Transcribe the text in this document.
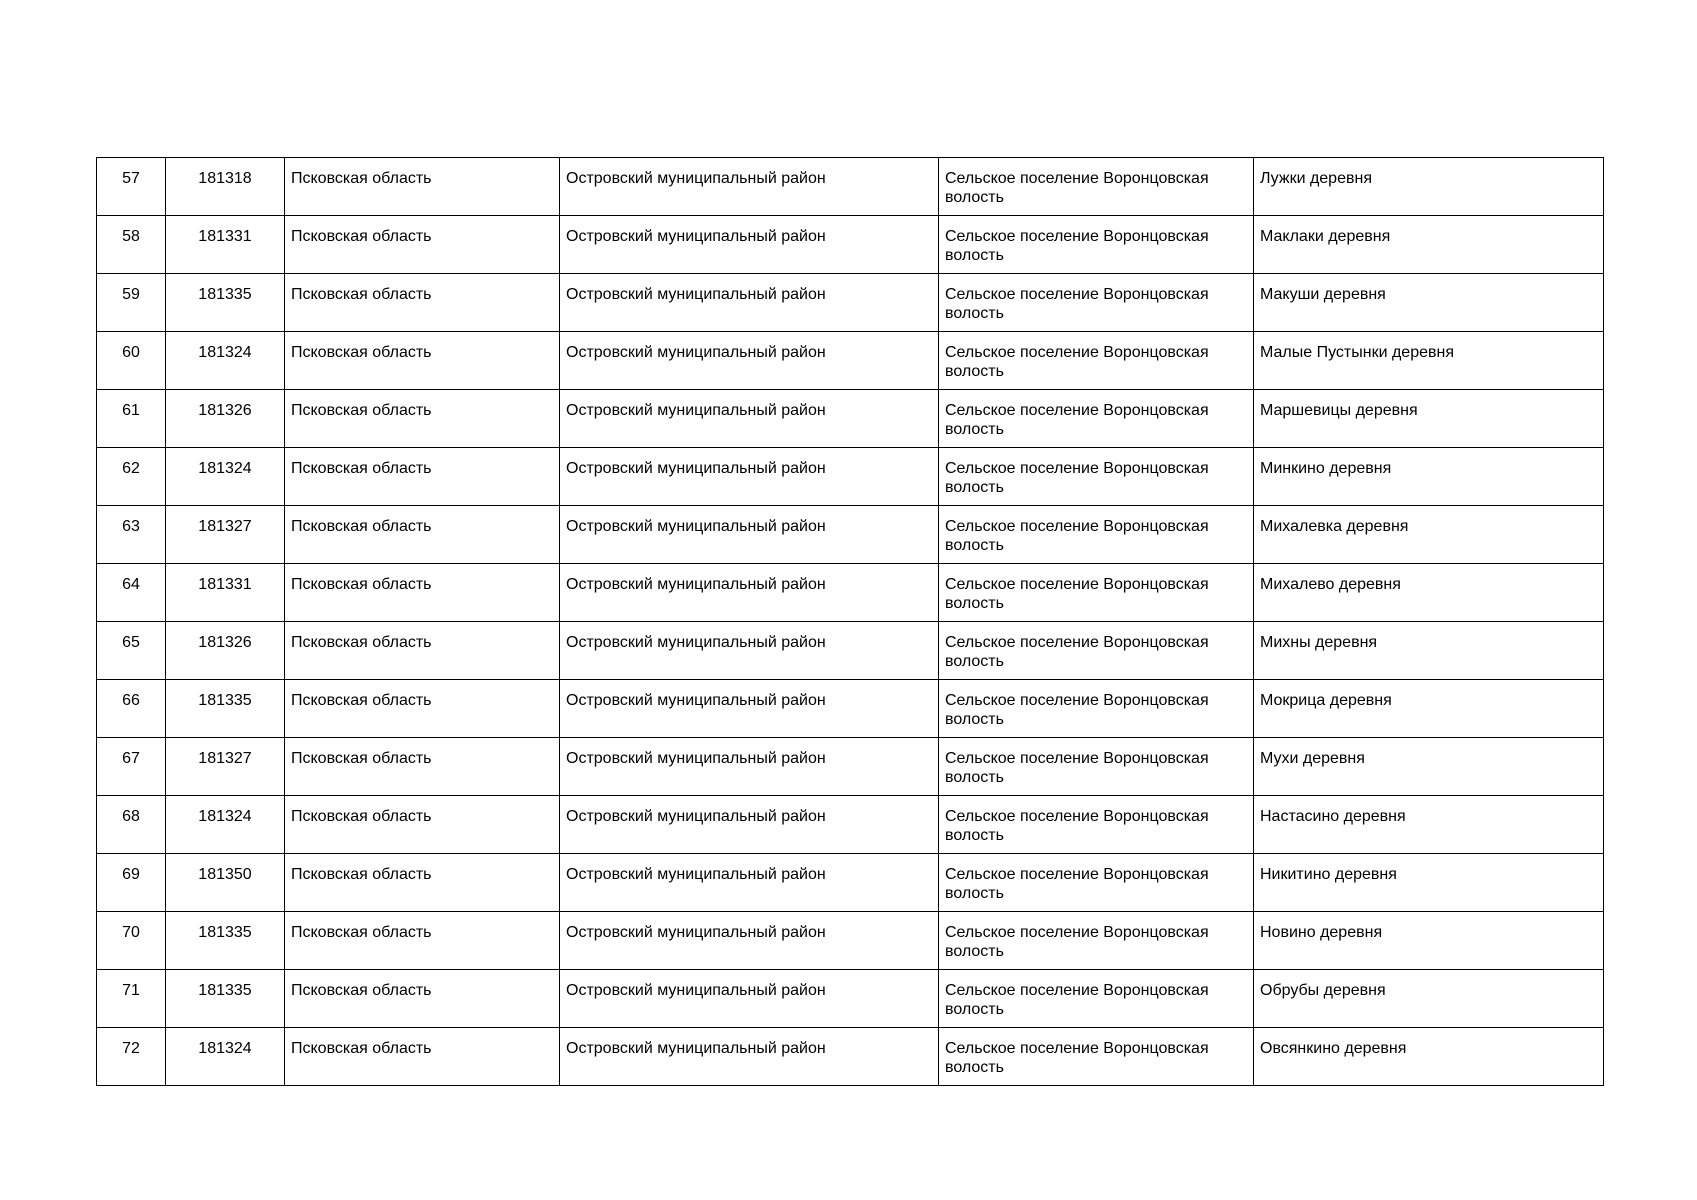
57	181318	Псковская область	Островский муниципальный район	Сельское поселение Воронцовская волость	Лужки деревня
58	181331	Псковская область	Островский муниципальный район	Сельское поселение Воронцовская волость	Маклаки деревня
59	181335	Псковская область	Островский муниципальный район	Сельское поселение Воронцовская волость	Макуши деревня
60	181324	Псковская область	Островский муниципальный район	Сельское поселение Воронцовская волость	Малые Пустынки деревня
61	181326	Псковская область	Островский муниципальный район	Сельское поселение Воронцовская волость	Маршевицы деревня
62	181324	Псковская область	Островский муниципальный район	Сельское поселение Воронцовская волость	Минкино деревня
63	181327	Псковская область	Островский муниципальный район	Сельское поселение Воронцовская волость	Михалевка деревня
64	181331	Псковская область	Островский муниципальный район	Сельское поселение Воронцовская волость	Михалево деревня
65	181326	Псковская область	Островский муниципальный район	Сельское поселение Воронцовская волость	Михны деревня
66	181335	Псковская область	Островский муниципальный район	Сельское поселение Воронцовская волость	Мокрица деревня
67	181327	Псковская область	Островский муниципальный район	Сельское поселение Воронцовская волость	Мухи деревня
68	181324	Псковская область	Островский муниципальный район	Сельское поселение Воронцовская волость	Настасино деревня
69	181350	Псковская область	Островский муниципальный район	Сельское поселение Воронцовская волость	Никитино деревня
70	181335	Псковская область	Островский муниципальный район	Сельское поселение Воронцовская волость	Новино деревня
71	181335	Псковская область	Островский муниципальный район	Сельское поселение Воронцовская волость	Обрубы деревня
72	181324	Псковская область	Островский муниципальный район	Сельское поселение Воронцовская волость	Овсянкино деревня
